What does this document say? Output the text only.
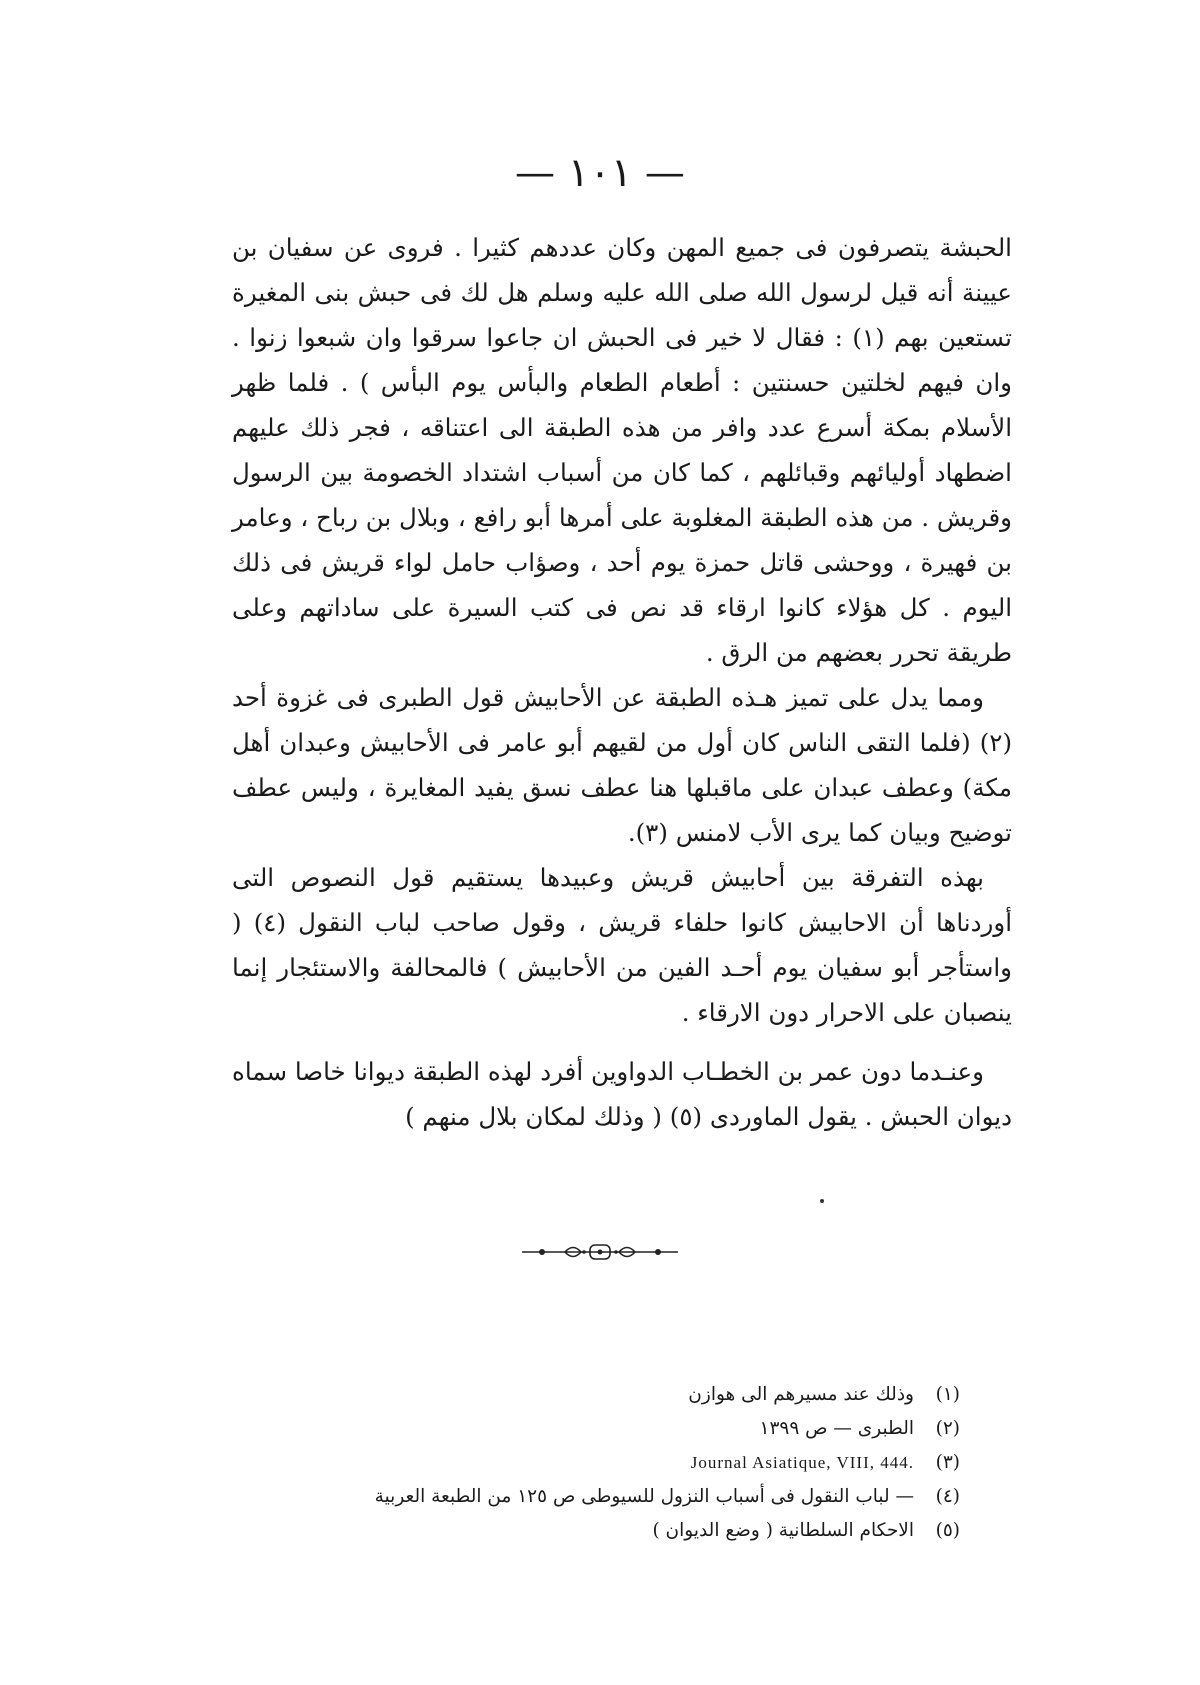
— ١٠١ —

الحبشة يتصرفون فى جميع المهن وكان عددهم كثيرا . فروى عن سفيان بن عيينة أنه قيل لرسول الله صلى الله عليه وسلم هل لك فى حبش بنى المغيرة تستعين بهم (١) : فقال لا خير فى الحبش ان جاعوا سرقوا وان شبعوا زنوا . وان فيهم لخلتين حسنتين : أطعام الطعام والبأس يوم البأس ) . فلما ظهر الأسلام بمكة أسرع عدد وافر من هذه الطبقة الى اعتناقه ، فجر ذلك عليهم اضطهاد أوليائهم وقبائلهم ، كما كان من أسباب اشتداد الخصومة بين الرسول وقريش . من هذه الطبقة المغلوبة على أمرها أبو رافع ، وبلال بن رباح ، وعامر بن فهيرة ، ووحشى قاتل حمزة يوم أحد ، وصؤاب حامل لواء قريش فى ذلك اليوم . كل هؤلاء كانوا ارقاء قد نص فى كتب السيرة على ساداتهم وعلى طريقة تحرر بعضهم من الرق .

ومما يدل على تميز هـذه الطبقة عن الأحابيش قول الطبرى فى غزوة أحد (٢) (فلما التقى الناس كان أول من لقيهم أبو عامر فى الأحابيش وعبدان أهل مكة) وعطف عبدان على ماقبلها هنا عطف نسق يفيد المغايرة ، وليس عطف توضيح وبيان كما يرى الأب لامنس (٣).

بهذه التفرقة بين أحابيش قريش وعبيدها يستقيم قول النصوص التى أوردناها أن الاحابيش كانوا حلفاء قريش ، وقول صاحب لباب النقول (٤) ( واستأجر أبو سفيان يوم أحـد الفين من الأحابيش ) فالمحالفة والاستئجار إنما ينصبان على الاحرار دون الارقاء .

وعنـدما دون عمر بن الخطـاب الدواوين أفرد لهذه الطبقة ديوانا خاصا سماه ديوان الحبش . يقول الماوردى (٥) ( وذلك لمكان بلال منهم )

(١)
وذلك عند مسيرهم الى هوازن
(٢)
الطبرى — ص ١٣٩٩
(٣)
Journal Asiatique, VIII, 444.
(٤)
— لباب النقول فى أسباب النزول للسيوطى ص ١٢٥ من الطبعة العربية
(٥)
الاحكام السلطانية ( وضع الديوان )
